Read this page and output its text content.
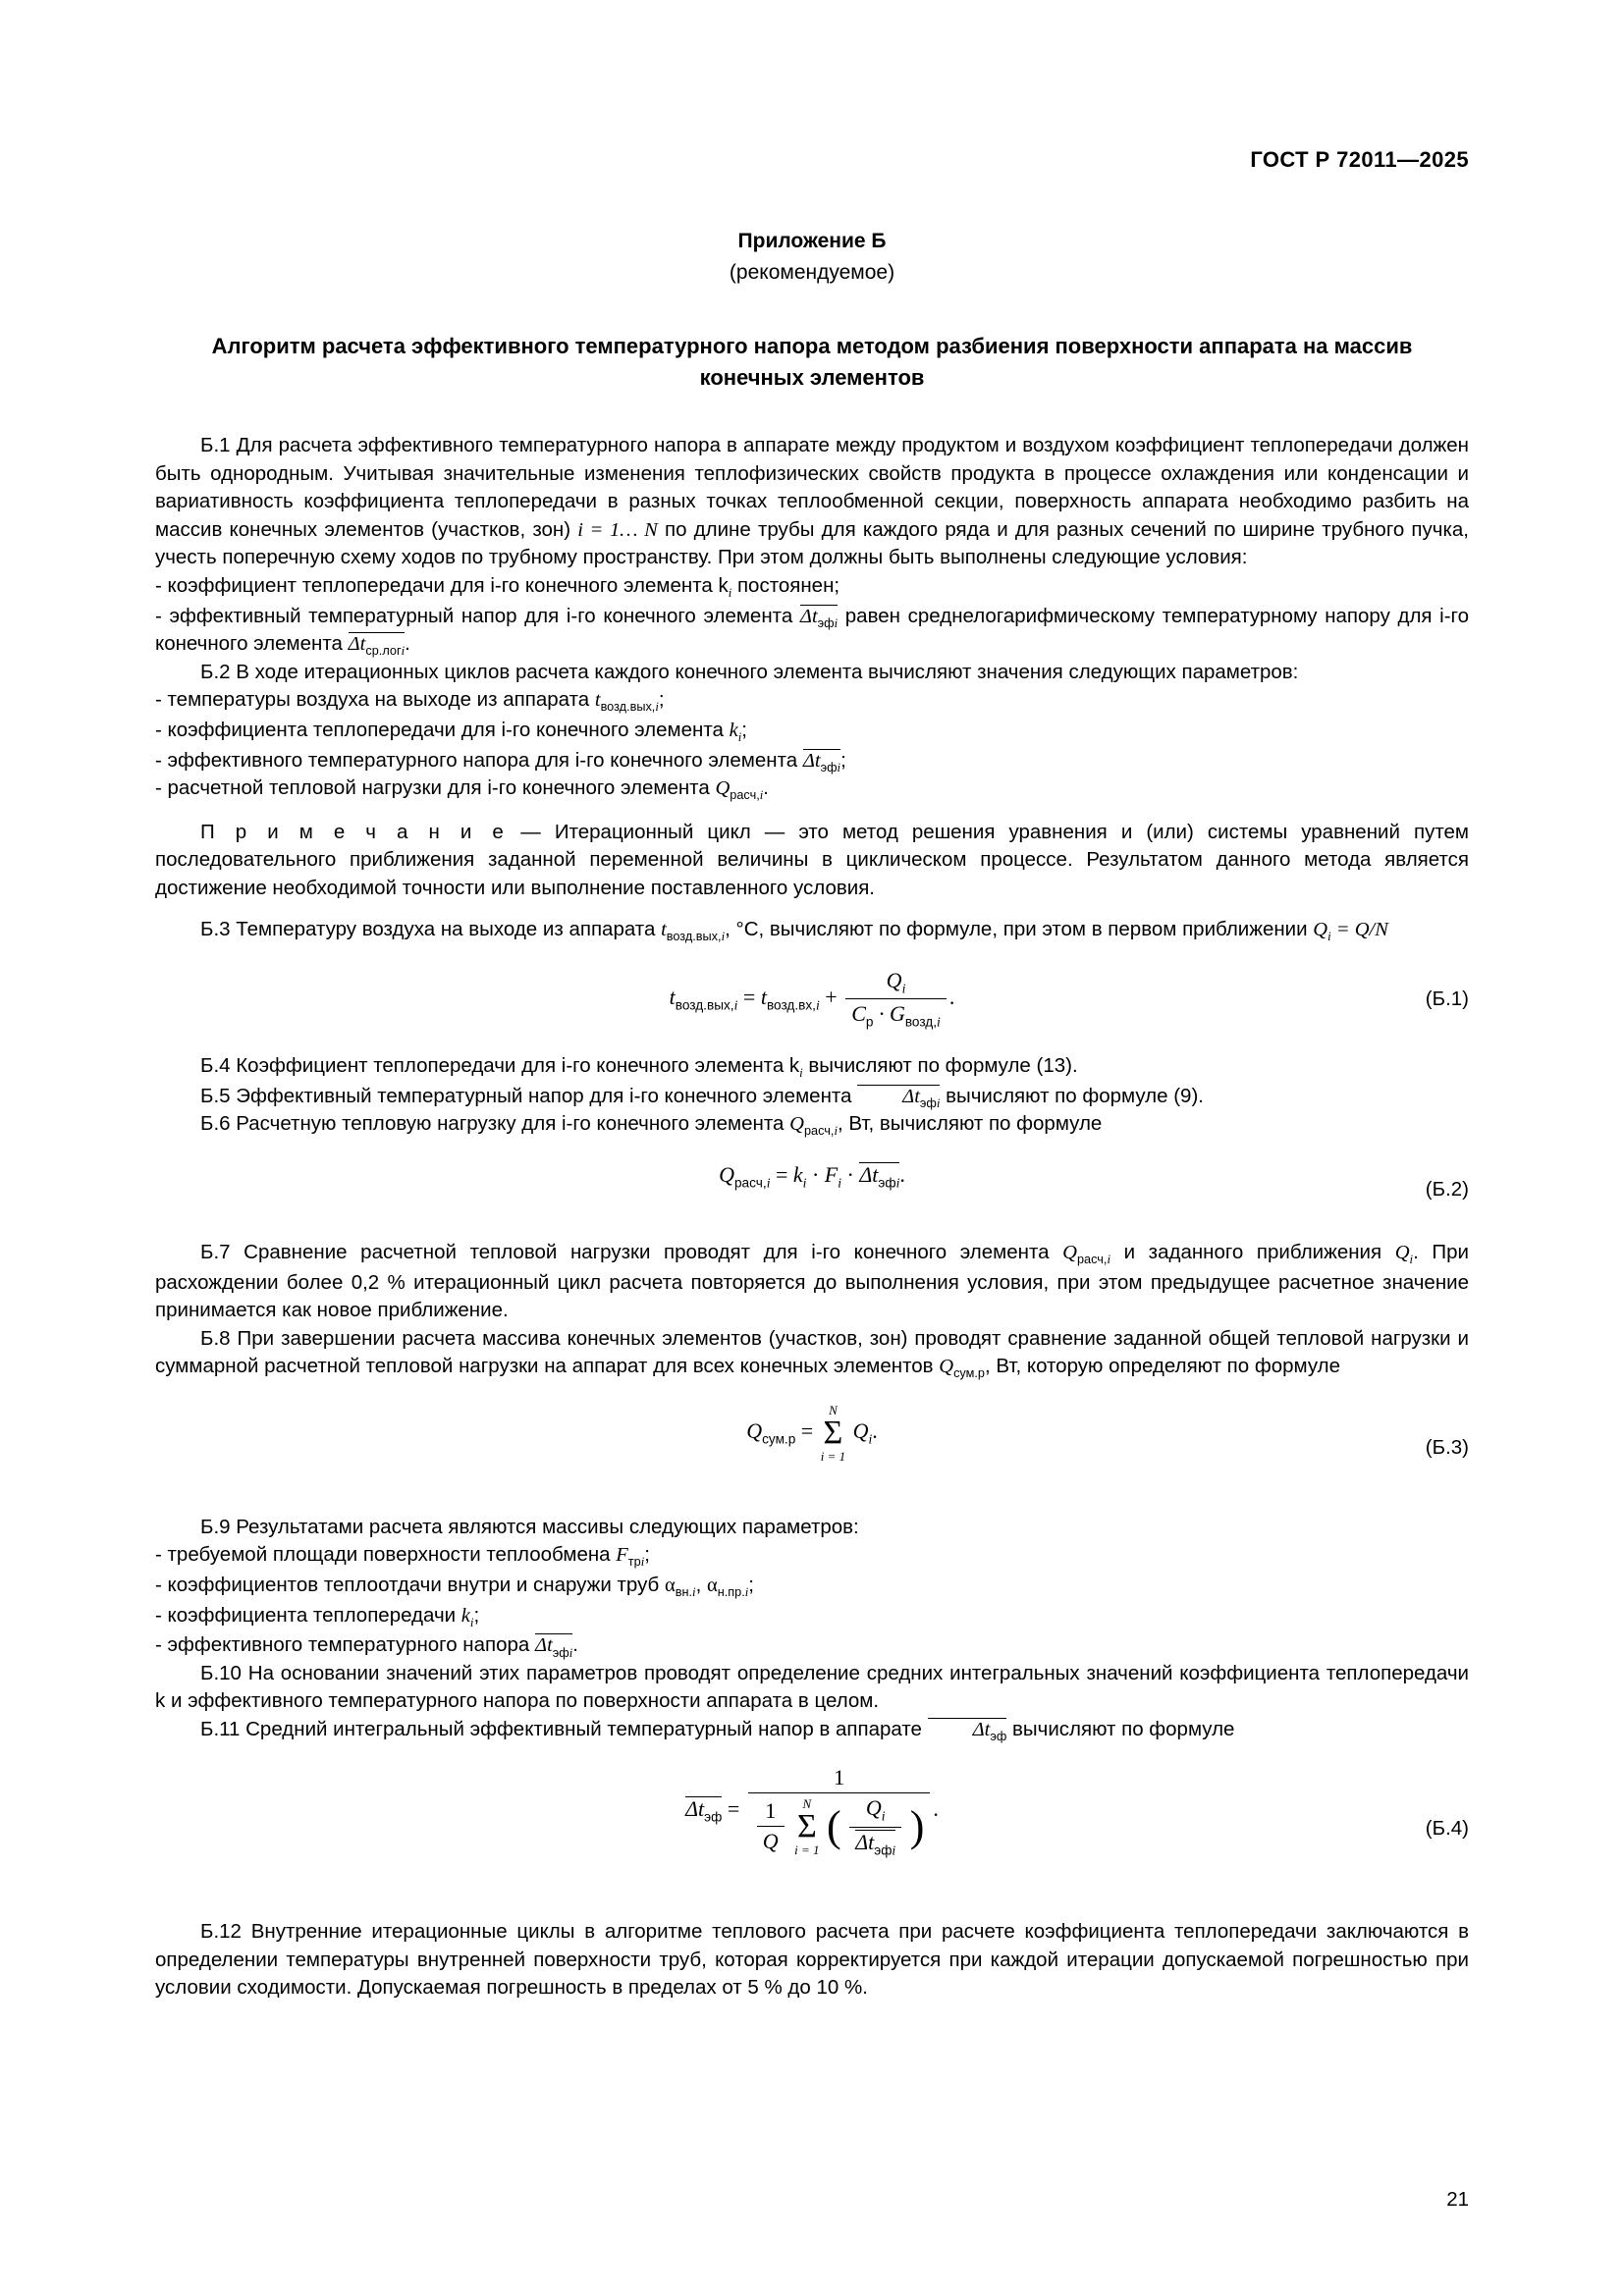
ГОСТ Р 72011—2025
Приложение Б
(рекомендуемое)
Алгоритм расчета эффективного температурного напора методом разбиения поверхности аппарата на массив конечных элементов

Б.1 Для расчета эффективного температурного напора в аппарате между продуктом и воздухом коэффициент теплопередачи должен быть однородным. Учитывая значительные изменения теплофизических свойств продукта в процессе охлаждения или конденсации и вариативность коэффициента теплопередачи в разных точках теплообменной секции, поверхность аппарата необходимо разбить на массив конечных элементов (участков, зон) i = 1… N по длине трубы для каждого ряда и для разных сечений по ширине трубного пучка, учесть поперечную схему ходов по трубному пространству. При этом должны быть выполнены следующие условия:

- коэффициент теплопередачи для i-го конечного элемента $k_i$ постоянен;

- эффективный температурный напор для i-го конечного элемента $\Delta t_{эфi}$ равен среднелогарифмическому температурному напору для i-го конечного элемента $\Delta t_{ср.логi}$.

Б.2 В ходе итерационных циклов расчета каждого конечного элемента вычисляют значения следующих параметров:

- температуры воздуха на выходе из аппарата $t_{возд.вых,i}$;

- коэффициента теплопередачи для i-го конечного элемента $k_i$;

- эффективного температурного напора для i-го конечного элемента $\Delta t_{эфi}$;

- расчетной тепловой нагрузки для i-го конечного элемента $Q_{расч,i}$.

П р и м е ч а н и е — Итерационный цикл — это метод решения уравнения и (или) системы уравнений путем последовательного приближения заданной переменной величины в циклическом процессе. Результатом данного метода является достижение необходимой точности или выполнение поставленного условия.

Б.3 Температуру воздуха на выходе из аппарата $t_{возд.вых,i}$, °С, вычисляют по формуле, при этом в первом приближении $Q_i = Q/N$

$t_{возд.вых,i} = t_{возд.вх,i} + \frac{Q_i}{C_p \cdot G_{возд,i}}$ .	(Б.1)

Б.4 Коэффициент теплопередачи для i-го конечного элемента $k_i$ вычисляют по формуле (13).

Б.5 Эффективный температурный напор для i-го конечного элемента	$\Delta t_{эфi}$ вычисляют по формуле (9).

Б.6 Расчетную тепловую нагрузку для i-го конечного элемента $Q_{расч,i}$, Вт, вычисляют по формуле

$Q_{расч,i} = k_i \cdot F_i \cdot \Delta t_{эфi}$.
(Б.2)

Б.7 Сравнение расчетной тепловой нагрузки проводят для i-го конечного элемента $Q_{расч,i}$ и заданного приближения $Q_i$. При расхождении более 0,2 % итерационный цикл расчета повторяется до выполнения условия, при этом предыдущее расчетное значение принимается как новое приближение.

Б.8 При завершении расчета массива конечных элементов (участков, зон) проводят сравнение заданной общей тепловой нагрузки и суммарной расчетной тепловой нагрузки на аппарат для всех конечных элементов $Q_{сум.р}$, Вт, которую определяют по формуле

$Q_{сум.р}$ =
N
Σ
i = 1
$Q_i$.
(Б.3)

Б.9 Результатами расчета являются массивы следующих параметров:

- требуемой площади поверхности теплообмена $F_{трi}$;

- коэффициентов теплоотдачи внутри и снаружи труб $\alpha_{вн.i}$, $\alpha_{н.пр.i}$;

- коэффициента теплопередачи $k_i$;

- эффективного температурного напора $\Delta t_{эфi}$.

Б.10 На основании значений этих параметров проводят определение средних интегральных значений коэффициента теплопередачи k и эффективного температурного напора по поверхности аппарата в целом.

Б.11 Средний интегральный эффективный температурный напор в аппарате	$\Delta t_{эф}$ вычисляют по формуле

$\Delta t_{эф}$ =
1
$\frac{1}{Q}$
	N
Σ
i = 1 ( $\frac{Q_i}{\Delta t_{эфi}}$ ) .
(Б.4)

Б.12 Внутренние итерационные циклы в алгоритме теплового расчета при расчете коэффициента теплопередачи заключаются в определении температуры внутренней поверхности труб, которая корректируется при каждой итерации допускаемой погрешностью при условии сходимости. Допускаемая погрешность в пределах от 5 % до 10 %.

21
